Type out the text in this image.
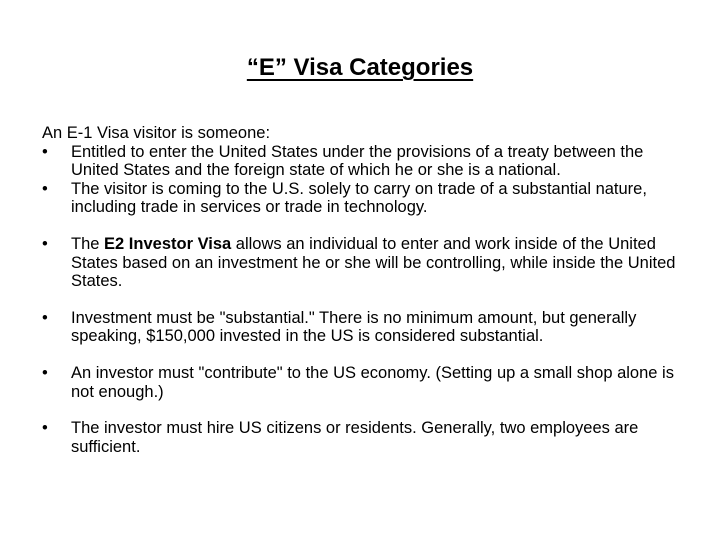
“E” Visa Categories

An E-1 Visa visitor is someone:

• Entitled to enter the United States under the provisions of a treaty between the United States and the foreign state of which he or she is a national.
• The visitor is coming to the U.S. solely to carry on trade of a substantial nature, including trade in services or trade in technology.
• The E2 Investor Visa allows an individual to enter and work inside of the United States based on an investment he or she will be controlling, while inside the United States.
• Investment must be "substantial." There is no minimum amount, but generally speaking, $150,000 invested in the US is considered substantial.
• An investor must "contribute" to the US economy. (Setting up a small shop alone is not enough.)
• The investor must hire US citizens or residents. Generally, two employees are sufficient.
